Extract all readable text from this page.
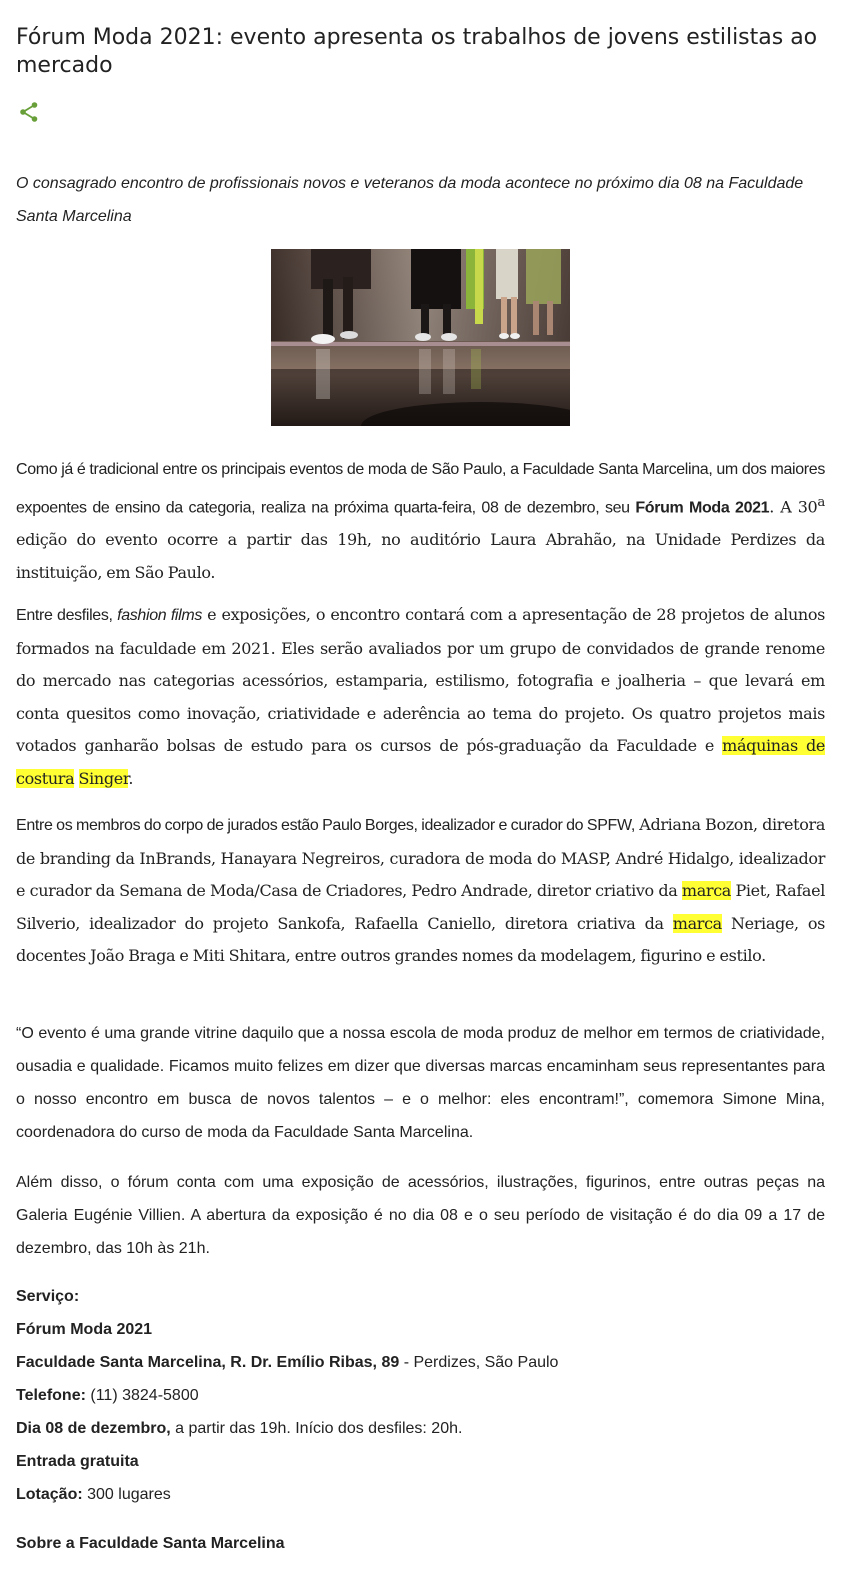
Fórum Moda 2021: evento apresenta os trabalhos de jovens estilistas ao mercado

O consagrado encontro de profissionais novos e veteranos da moda acontece no próximo dia 08 na Faculdade Santa Marcelina

Como já é tradicional entre os principais eventos de moda de São Paulo, a Faculdade Santa Marcelina, um dos maiores expoentes de ensino da categoria, realiza na próxima quarta-feira, 08 de dezembro, seu Fórum Moda 2021. A 30$^a$ edição do evento ocorre a partir das 19h, no auditório Laura Abrahão, na Unidade Perdizes da instituição, em São Paulo.

Entre desfiles, fashion films e exposições, o encontro contará com a apresentação de 28 projetos de alunos formados na faculdade em 2021. Eles serão avaliados por um grupo de convidados de grande renome do mercado nas categorias acessórios, estamparia, estilismo, fotografia e joalheria – que levará em conta quesitos como inovação, criatividade e aderência ao tema do projeto. Os quatro projetos mais votados ganharão bolsas de estudo para os cursos de pós-graduação da Faculdade e máquinas de costura Singer.

Entre os membros do corpo de jurados estão Paulo Borges, idealizador e curador do SPFW, Adriana Bozon, diretora de branding da InBrands, Hanayara Negreiros, curadora de moda do MASP, André Hidalgo, idealizador e curador da Semana de Moda/Casa de Criadores, Pedro Andrade, diretor criativo da marca Piet, Rafael Silverio, idealizador do projeto Sankofa, Rafaella Caniello, diretora criativa da marca Neriage, os docentes João Braga e Miti Shitara, entre outros grandes nomes da modelagem, figurino e estilo.

“O evento é uma grande vitrine daquilo que a nossa escola de moda produz de melhor em termos de criatividade, ousadia e qualidade. Ficamos muito felizes em dizer que diversas marcas encaminham seus representantes para o nosso encontro em busca de novos talentos – e o melhor: eles encontram!”, comemora Simone Mina, coordenadora do curso de moda da Faculdade Santa Marcelina.

Além disso, o fórum conta com uma exposição de acessórios, ilustrações, figurinos, entre outras peças na Galeria Eugénie Villien. A abertura da exposição é no dia 08 e o seu período de visitação é do dia 09 a 17 de dezembro, das 10h às 21h.

Serviço:
Fórum Moda 2021
Faculdade Santa Marcelina, R. Dr. Emílio Ribas, 89 - Perdizes, São Paulo
Telefone: (11) 3824-5800
Dia 08 de dezembro, a partir das 19h. Início dos desfiles: 20h.
Entrada gratuita
Lotação: 300 lugares
Sobre a Faculdade Santa Marcelina
